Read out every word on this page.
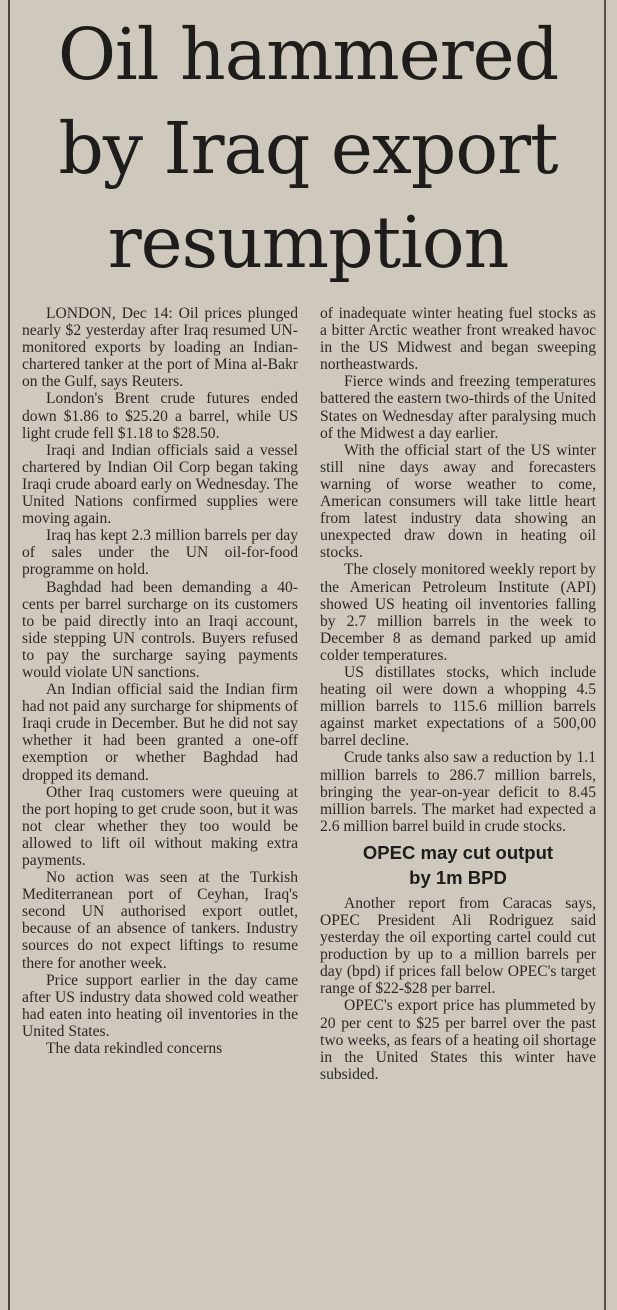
Oil hammered
by Iraq export
resumption

LONDON, Dec 14: Oil prices plunged nearly $2 yesterday after Iraq resumed UN-monitored exports by loading an Indian-chartered tanker at the port of Mina al-Bakr on the Gulf, says Reuters.

London's Brent crude futures ended down $1.86 to $25.20 a barrel, while US light crude fell $1.18 to $28.50.

Iraqi and Indian officials said a vessel chartered by Indian Oil Corp began taking Iraqi crude aboard early on Wednesday. The United Nations confirmed supplies were moving again.

Iraq has kept 2.3 million barrels per day of sales under the UN oil-for-food programme on hold.

Baghdad had been demanding a 40-cents per barrel surcharge on its customers to be paid directly into an Iraqi account, side stepping UN controls. Buyers refused to pay the surcharge saying payments would violate UN sanctions.

An Indian official said the Indian firm had not paid any surcharge for shipments of Iraqi crude in December. But he did not say whether it had been granted a one-off exemption or whether Baghdad had dropped its demand.

Other Iraq customers were queuing at the port hoping to get crude soon, but it was not clear whether they too would be allowed to lift oil without making extra payments.

No action was seen at the Turkish Mediterranean port of Ceyhan, Iraq's second UN authorised export outlet, because of an absence of tankers. Industry sources do not expect liftings to resume there for another week.

Price support earlier in the day came after US industry data showed cold weather had eaten into heating oil inventories in the United States.

The data rekindled concerns

of inadequate winter heating fuel stocks as a bitter Arctic weather front wreaked havoc in the US Midwest and began sweeping northeastwards.

Fierce winds and freezing temperatures battered the eastern two-thirds of the United States on Wednesday after paralysing much of the Midwest a day earlier.

With the official start of the US winter still nine days away and forecasters warning of worse weather to come, American consumers will take little heart from latest industry data showing an unexpected draw down in heating oil stocks.

The closely monitored weekly report by the American Petroleum Institute (API) showed US heating oil inventories falling by 2.7 million barrels in the week to December 8 as demand parked up amid colder temperatures.

US distillates stocks, which include heating oil were down a whopping 4.5 million barrels to 115.6 million barrels against market expectations of a 500,00 barrel decline.

Crude tanks also saw a reduction by 1.1 million barrels to 286.7 million barrels, bringing the year-on-year deficit to 8.45 million barrels. The market had expected a 2.6 million barrel build in crude stocks.

OPEC may cut output
by 1m BPD

Another report from Caracas says, OPEC President Ali Rodriguez said yesterday the oil exporting cartel could cut production by up to a million barrels per day (bpd) if prices fall below OPEC's target range of $22-$28 per barrel.

OPEC's export price has plummeted by 20 per cent to $25 per barrel over the past two weeks, as fears of a heating oil shortage in the United States this winter have subsided.
